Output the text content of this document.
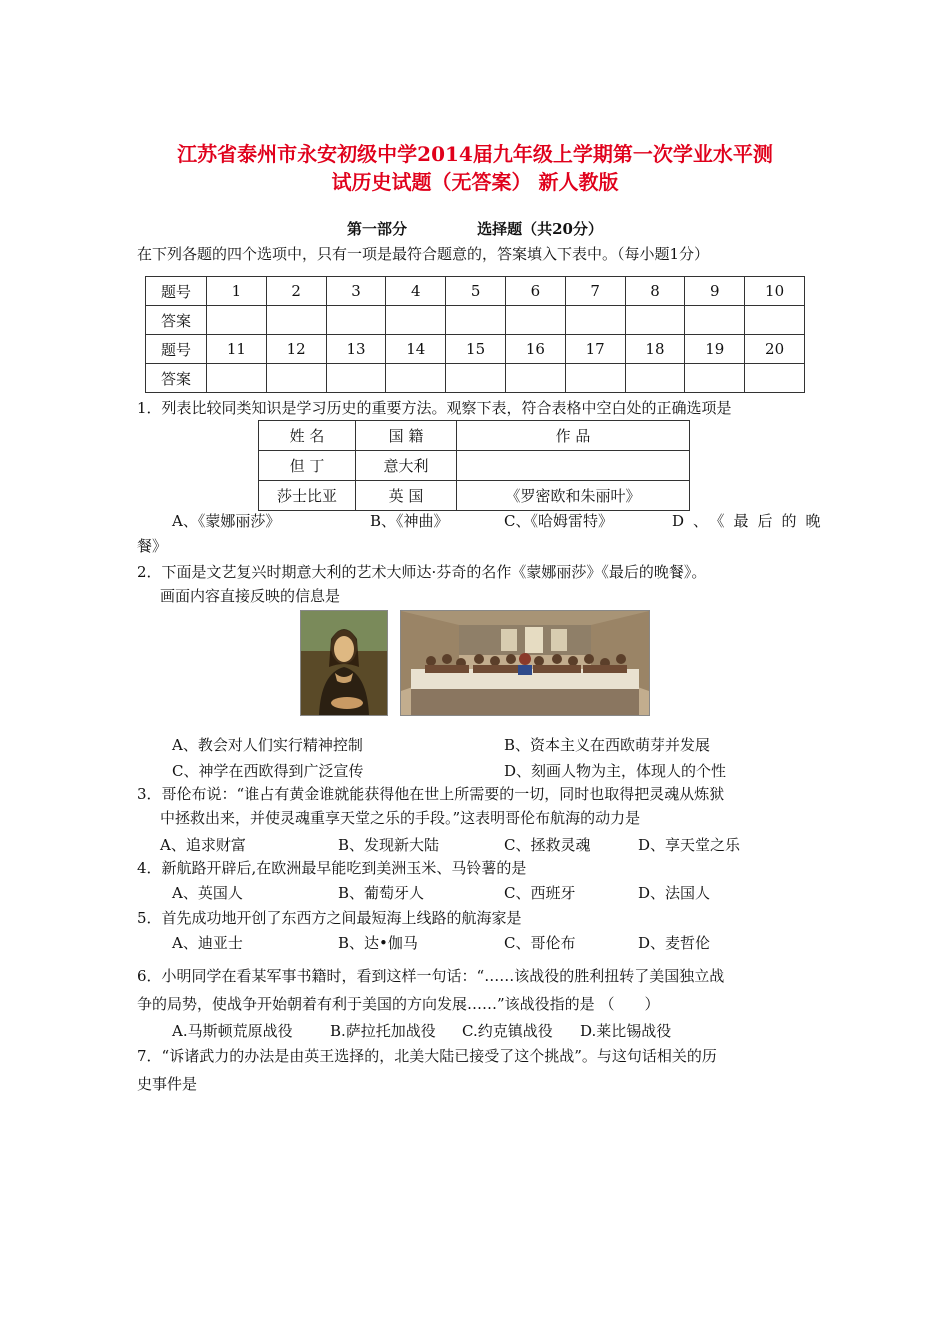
江苏省泰州市永安初级中学2014届九年级上学期第一次学业水平测
试历史试题（无答案） 新人教版
第一部分	选择题（共20分）
在下列各题的四个选项中，只有一项是最符合题意的，答案填入下表中。（每小题1分）
题号	1	2	3	4	5	6	7	8	9	10
答案										
题号	11	12	13	14	15	16	17	18	19	20
答案										
1．列表比较同类知识是学习历史的重要方法。观察下表，符合表格中空白处的正确选项是
姓 名	国 籍	作 品
但 丁	意大利	
莎士比亚	英 国	《罗密欧和朱丽叶》
A、《蒙娜丽莎》	B、《神曲》	C、《哈姆雷特》	D、《最后的晚
餐》
2．下面是文艺复兴时期意大利的艺术大师达·芬奇的名作《蒙娜丽莎》《最后的晚餐》。
画面内容直接反映的信息是
A、教会对人们实行精神控制	B、资本主义在西欧萌芽并发展
C、神学在西欧得到广泛宣传	D、刻画人物为主，体现人的个性
3．哥伦布说：“谁占有黄金谁就能获得他在世上所需要的一切，同时也取得把灵魂从炼狱
中拯救出来，并使灵魂重享天堂之乐的手段。”这表明哥伦布航海的动力是
A、追求财富	B、发现新大陆	C、拯救灵魂	D、享天堂之乐
4．新航路开辟后,在欧洲最早能吃到美洲玉米、马铃薯的是
A、英国人	B、葡萄牙人	C、西班牙	D、法国人
5．首先成功地开创了东西方之间最短海上线路的航海家是
A、迪亚士	B、达•伽马	C、哥伦布	D、麦哲伦
6．小明同学在看某军事书籍时，看到这样一句话：“……该战役的胜利扭转了美国独立战
争的局势，使战争开始朝着有利于美国的方向发展……”该战役指的是 （　　）
A.马斯顿荒原战役 B.萨拉托加战役 C.约克镇战役 D.莱比锡战役
7．“诉诸武力的办法是由英王选择的，北美大陆已接受了这个挑战”。与这句话相关的历
史事件是
